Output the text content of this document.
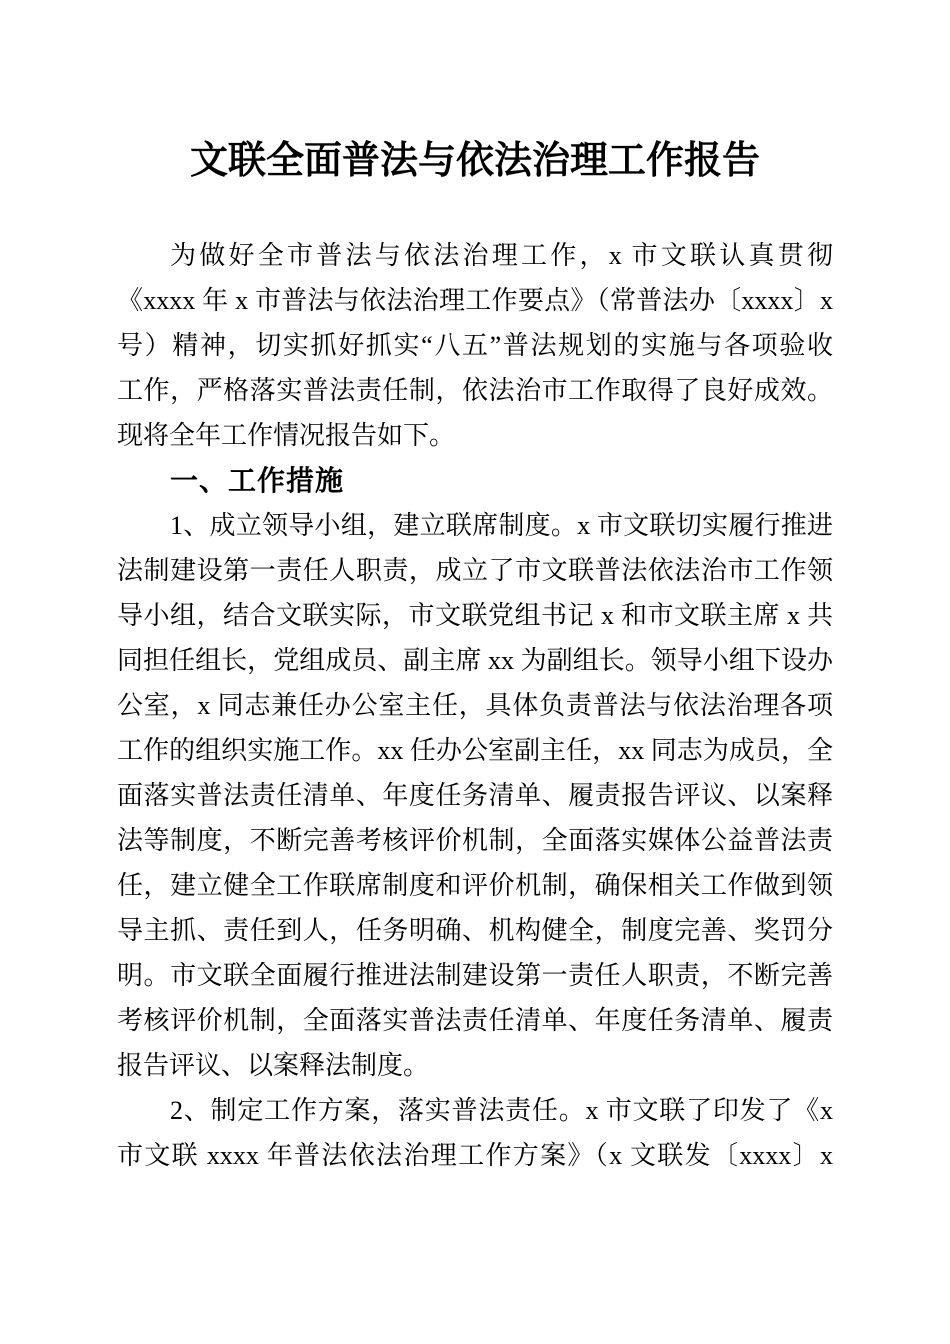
文联全面普法与依法治理工作报告
为做好全市普法与依法治理工作，x 市文联认真贯彻
《xxxx 年 x 市普法与依法治理工作要点》（常普法办〔xxxx〕x
号）精神，切实抓好抓实“八五”普法规划的实施与各项验收
工作，严格落实普法责任制，依法治市工作取得了良好成效。
现将全年工作情况报告如下。
一、工作措施
1、成立领导小组，建立联席制度。x 市文联切实履行推进
法制建设第一责任人职责，成立了市文联普法依法治市工作领
导小组，结合文联实际，市文联党组书记 x 和市文联主席 x 共
同担任组长，党组成员、副主席 xx 为副组长。领导小组下设办
公室，x 同志兼任办公室主任，具体负责普法与依法治理各项
工作的组织实施工作。xx 任办公室副主任，xx 同志为成员，全
面落实普法责任清单、年度任务清单、履责报告评议、以案释
法等制度，不断完善考核评价机制，全面落实媒体公益普法责
任，建立健全工作联席制度和评价机制，确保相关工作做到领
导主抓、责任到人，任务明确、机构健全，制度完善、奖罚分
明。市文联全面履行推进法制建设第一责任人职责，不断完善
考核评价机制，全面落实普法责任清单、年度任务清单、履责
报告评议、以案释法制度。
2、制定工作方案，落实普法责任。x 市文联了印发了《x
市文联 xxxx 年普法依法治理工作方案》（x 文联发〔xxxx〕x
